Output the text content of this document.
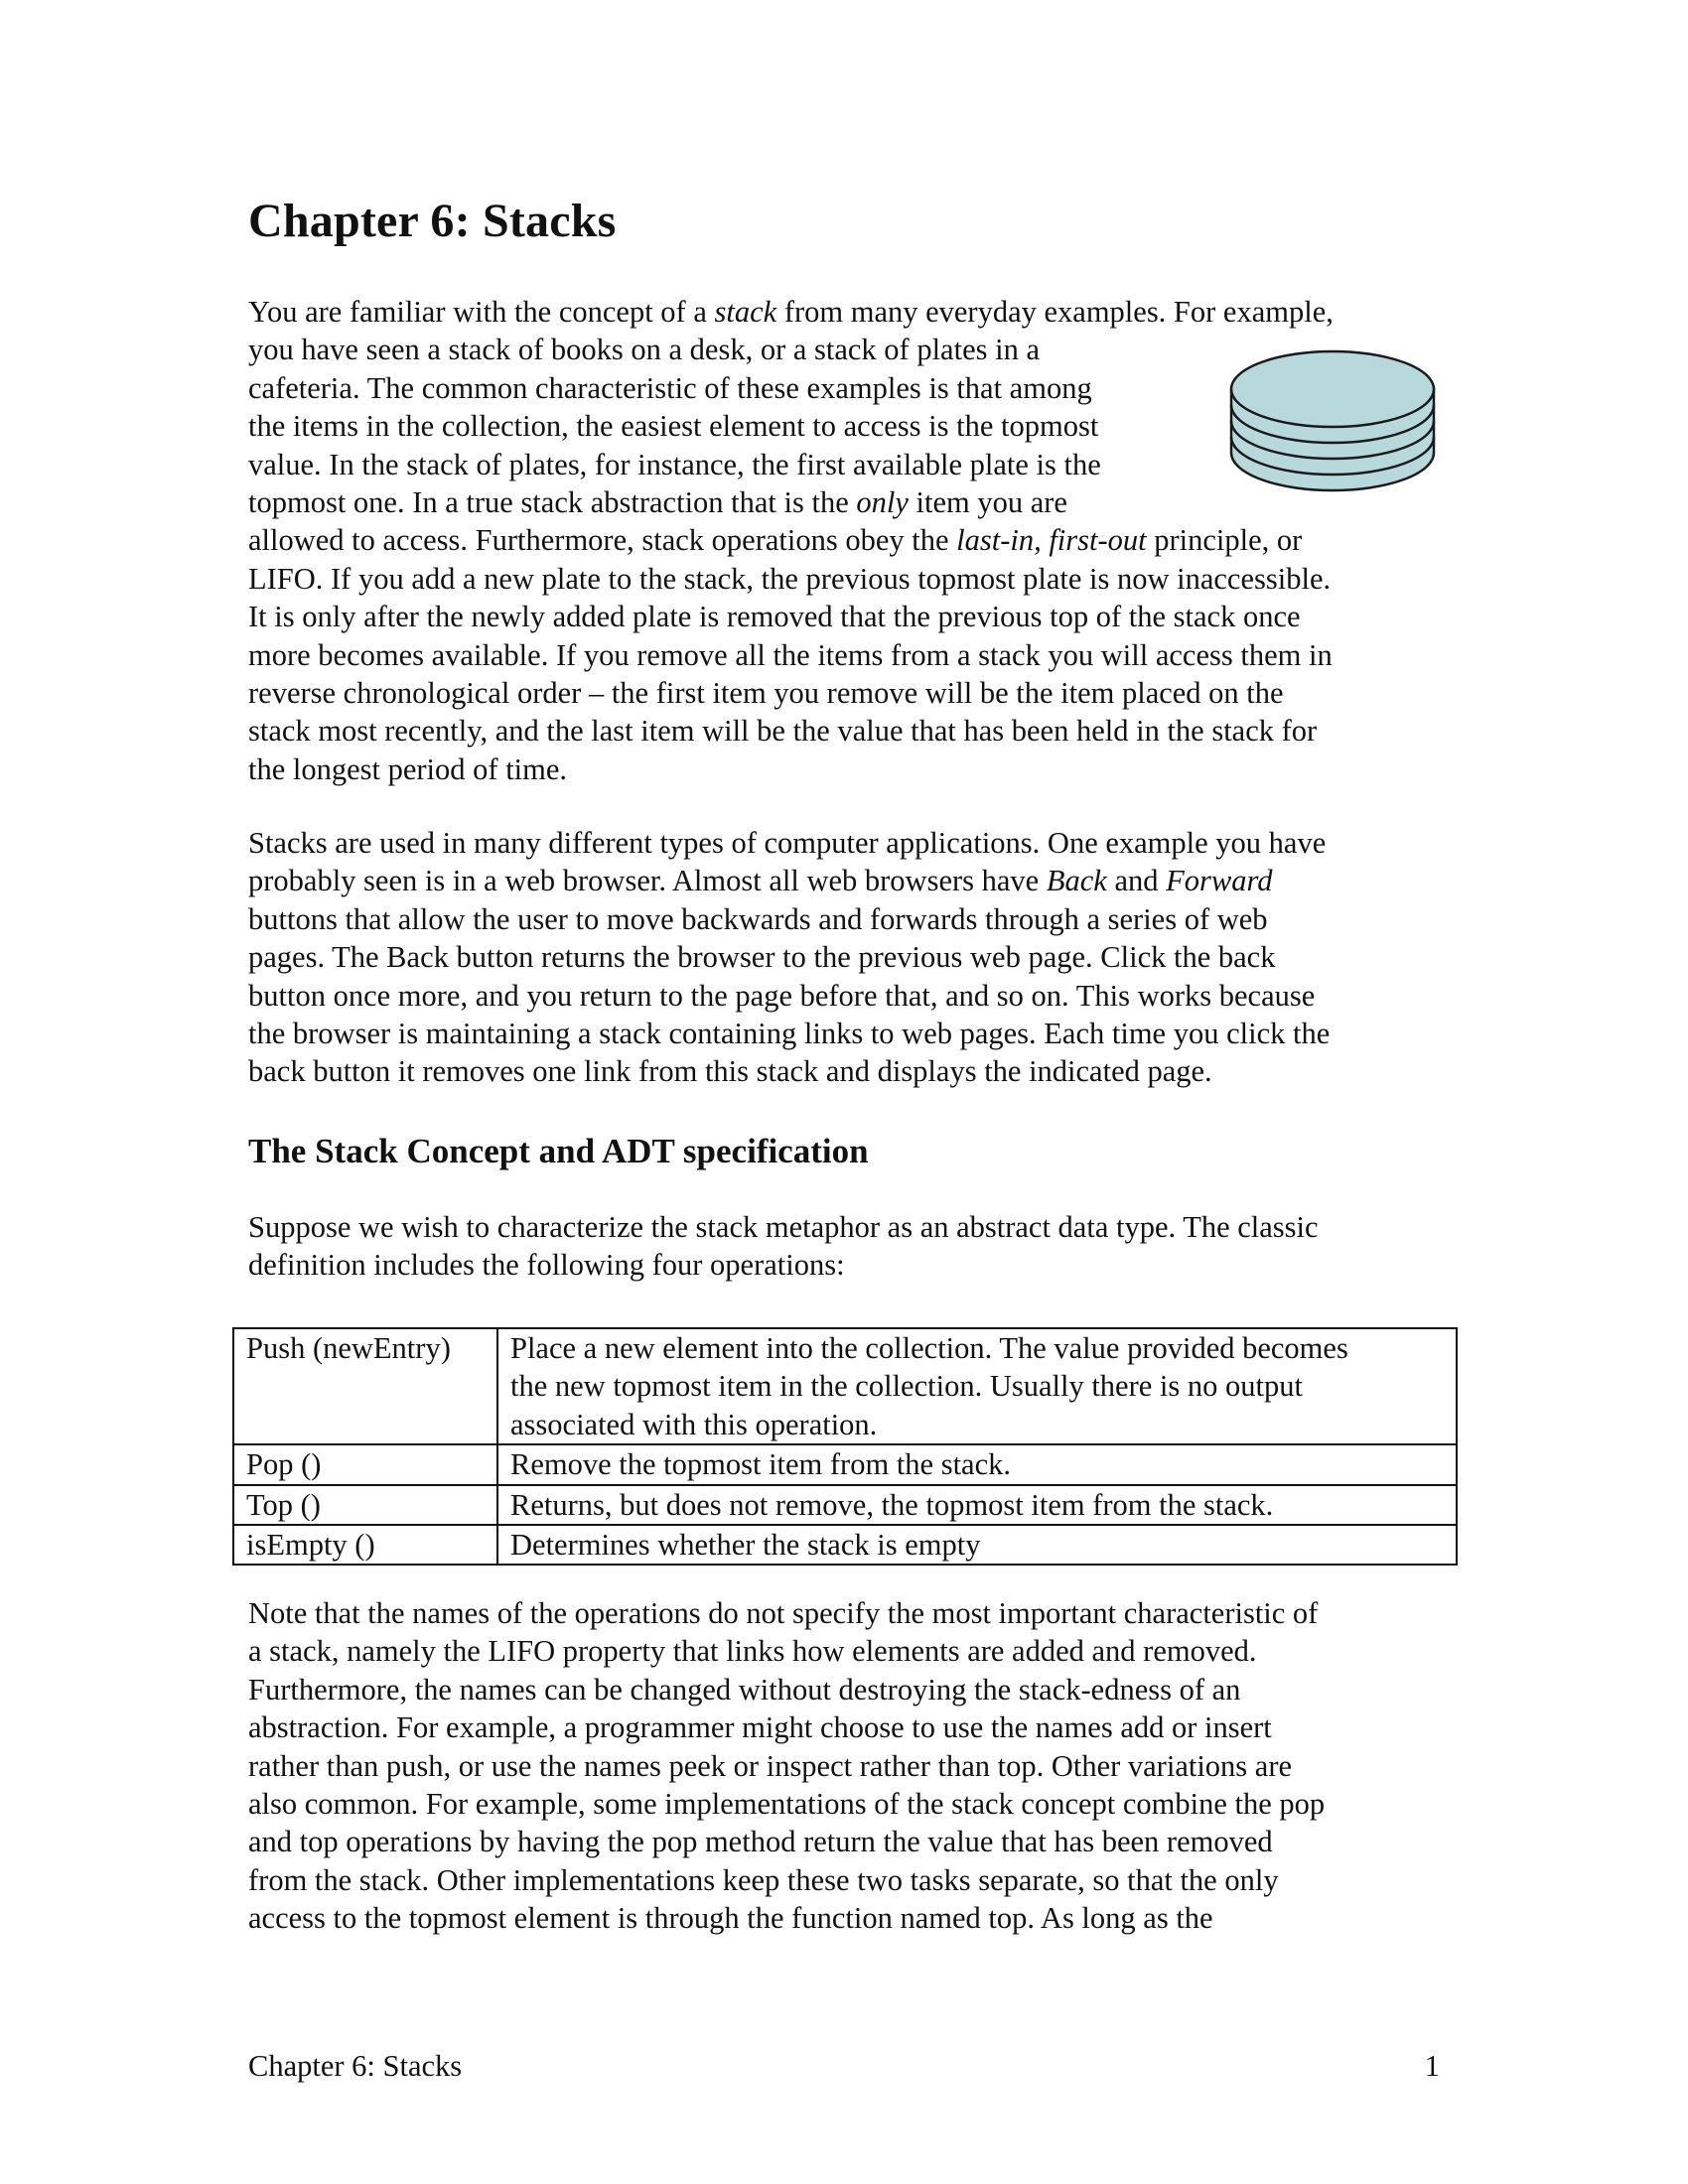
Chapter 6: Stacks
You are familiar with the concept of a stack from many everyday examples. For example,
you have seen a stack of books on a desk, or a stack of plates in a
cafeteria. The common characteristic of these examples is that among
the items in the collection, the easiest element to access is the topmost
value. In the stack of plates, for instance, the first available plate is the
topmost one. In a true stack abstraction that is the only item you are
allowed to access. Furthermore, stack operations obey the last-in, first-out principle, or
LIFO. If you add a new plate to the stack, the previous topmost plate is now inaccessible.
It is only after the newly added plate is removed that the previous top of the stack once
more becomes available. If you remove all the items from a stack you will access them in
reverse chronological order – the first item you remove will be the item placed on the
stack most recently, and the last item will be the value that has been held in the stack for
the longest period of time.
Stacks are used in many different types of computer applications. One example you have
probably seen is in a web browser. Almost all web browsers have Back and Forward
buttons that allow the user to move backwards and forwards through a series of web
pages. The Back button returns the browser to the previous web page. Click the back
button once more, and you return to the page before that, and so on. This works because
the browser is maintaining a stack containing links to web pages. Each time you click the
back button it removes one link from this stack and displays the indicated page.
The Stack Concept and ADT specification
Suppose we wish to characterize the stack metaphor as an abstract data type. The classic
definition includes the following four operations:
Push (newEntry)	Place a new element into the collection. The value provided becomes
the new topmost item in the collection. Usually there is no output
associated with this operation.

Pop ()	Remove the topmost item from the stack.

Top ()	Returns, but does not remove, the topmost item from the stack.

isEmpty ()	Determines whether the stack is empty
Note that the names of the operations do not specify the most important characteristic of
a stack, namely the LIFO property that links how elements are added and removed.
Furthermore, the names can be changed without destroying the stack-edness of an
abstraction. For example, a programmer might choose to use the names add or insert
rather than push, or use the names peek or inspect rather than top. Other variations are
also common. For example, some implementations of the stack concept combine the pop
and top operations by having the pop method return the value that has been removed
from the stack. Other implementations keep these two tasks separate, so that the only
access to the topmost element is through the function named top. As long as the
Chapter 6: Stacks	1
